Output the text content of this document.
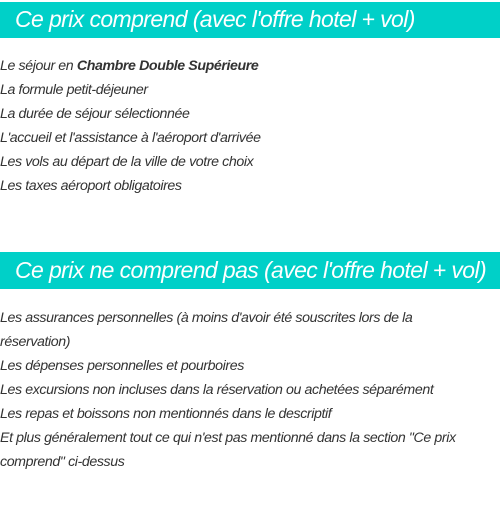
Ce prix comprend (avec l'offre hotel + vol)
Le séjour en Chambre Double Supérieure
La formule petit-déjeuner
La durée de séjour sélectionnée
L'accueil et l'assistance à l'aéroport d'arrivée
Les vols au départ de la ville de votre choix
Les taxes aéroport obligatoires
Ce prix ne comprend pas (avec l'offre hotel + vol)
Les assurances personnelles (à moins d'avoir été souscrites lors de la réservation)
Les dépenses personnelles et pourboires
Les excursions non incluses dans la réservation ou achetées séparément
Les repas et boissons non mentionnés dans le descriptif
Et plus généralement tout ce qui n'est pas mentionné dans la section "Ce prix comprend" ci-dessus
